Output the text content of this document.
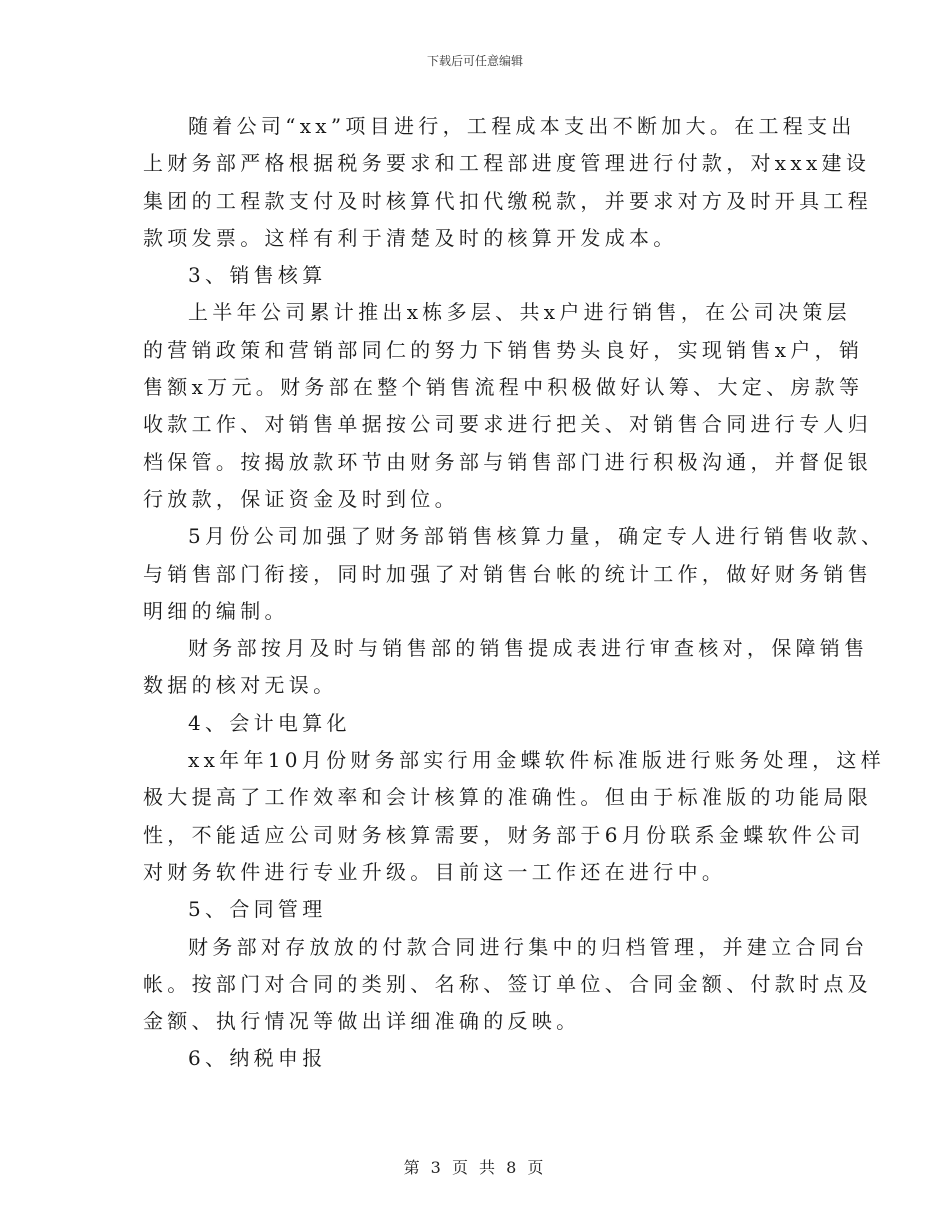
下载后可任意编辑
随着公司“xx”项目进行，工程成本支出不断加大。在工程支出
上财务部严格根据税务要求和工程部进度管理进行付款，对xxx建设
集团的工程款支付及时核算代扣代缴税款，并要求对方及时开具工程
款项发票。这样有利于清楚及时的核算开发成本。
3、销售核算
上半年公司累计推出x栋多层、共x户进行销售，在公司决策层
的营销政策和营销部同仁的努力下销售势头良好，实现销售x户，销
售额x万元。财务部在整个销售流程中积极做好认筹、大定、房款等
收款工作、对销售单据按公司要求进行把关、对销售合同进行专人归
档保管。按揭放款环节由财务部与销售部门进行积极沟通，并督促银
行放款，保证资金及时到位。
5月份公司加强了财务部销售核算力量，确定专人进行销售收款、
与销售部门衔接，同时加强了对销售台帐的统计工作，做好财务销售
明细的编制。
财务部按月及时与销售部的销售提成表进行审查核对，保障销售
数据的核对无误。
4、会计电算化
xx年年10月份财务部实行用金蝶软件标准版进行账务处理，这样
极大提高了工作效率和会计核算的准确性。但由于标准版的功能局限
性，不能适应公司财务核算需要，财务部于6月份联系金蝶软件公司
对财务软件进行专业升级。目前这一工作还在进行中。
5、合同管理
财务部对存放放的付款合同进行集中的归档管理，并建立合同台
帐。按部门对合同的类别、名称、签订单位、合同金额、付款时点及
金额、执行情况等做出详细准确的反映。
6、纳税申报
第 3 页 共 8 页
